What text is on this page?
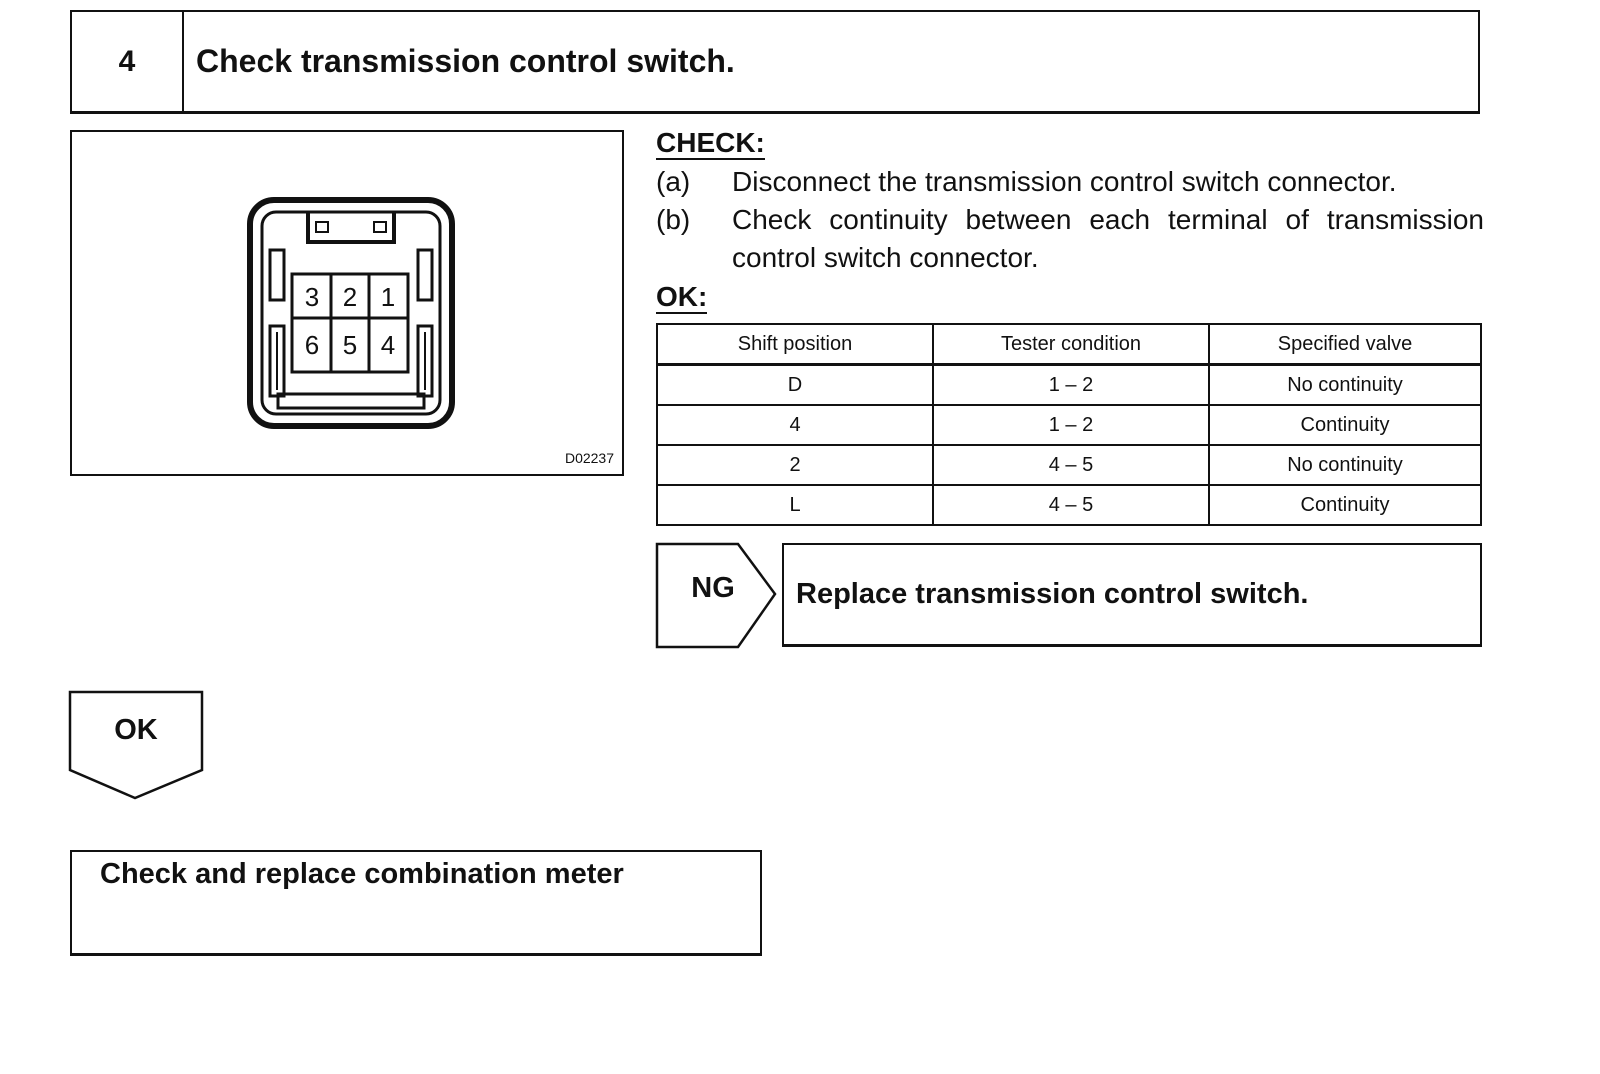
4	Check transmission control switch.
3 2 1
6 5 4
D02237
CHECK:
(a) Disconnect the transmission control switch connector.
(b) Check continuity between each terminal of transmission control switch connector.
OK:
Shift position	Tester condition	Specified valve
D	1 – 2	No continuity
4	1 – 2	Continuity
2	4 – 5	No continuity
L	4 – 5	Continuity
NG	Replace transmission control switch.
OK
Check and replace combination meter
